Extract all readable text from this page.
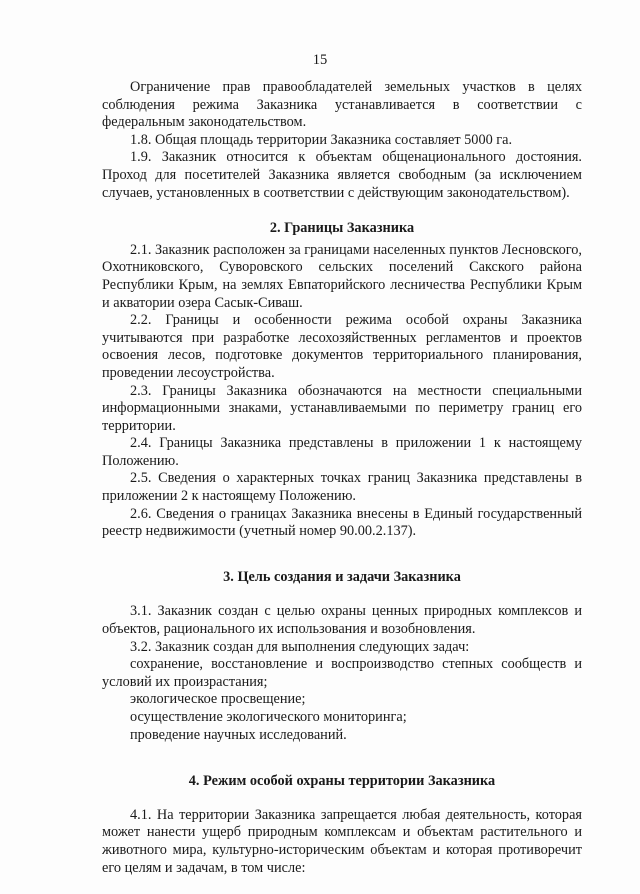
15

Ограничение прав правообладателей земельных участков в целях соблюдения режима Заказника устанавливается в соответствии с федеральным законодательством.

1.8. Общая площадь территории Заказника составляет 5000 га.

1.9. Заказник относится к объектам общенационального достояния. Проход для посетителей Заказника является свободным (за исключением случаев, установленных в соответствии с действующим законодательством).

2. Границы Заказника

2.1. Заказник расположен за границами населенных пунктов Лесновского, Охотниковского, Суворовского сельских поселений Сакского района Республики Крым, на землях Евпаторийского лесничества Республики Крым и акватории озера Сасык-Сиваш.

2.2. Границы и особенности режима особой охраны Заказника учитываются при разработке лесохозяйственных регламентов и проектов освоения лесов, подготовке документов территориального планирования, проведении лесоустройства.

2.3. Границы Заказника обозначаются на местности специальными информационными знаками, устанавливаемыми по периметру границ его территории.

2.4. Границы Заказника представлены в приложении 1 к настоящему Положению.

2.5. Сведения о характерных точках границ Заказника представлены в приложении 2 к настоящему Положению.

2.6. Сведения о границах Заказника внесены в Единый государственный реестр недвижимости (учетный номер 90.00.2.137).

3. Цель создания и задачи Заказника

3.1. Заказник создан с целью охраны ценных природных комплексов и объектов, рационального их использования и возобновления.

3.2. Заказник создан для выполнения следующих задач:

сохранение, восстановление и воспроизводство степных сообществ и условий их произрастания;

экологическое просвещение;

осуществление экологического мониторинга;

проведение научных исследований.

4. Режим особой охраны территории Заказника

4.1. На территории Заказника запрещается любая деятельность, которая может нанести ущерб природным комплексам и объектам растительного и животного мира, культурно-историческим объектам и которая противоречит его целям и задачам, в том числе:
